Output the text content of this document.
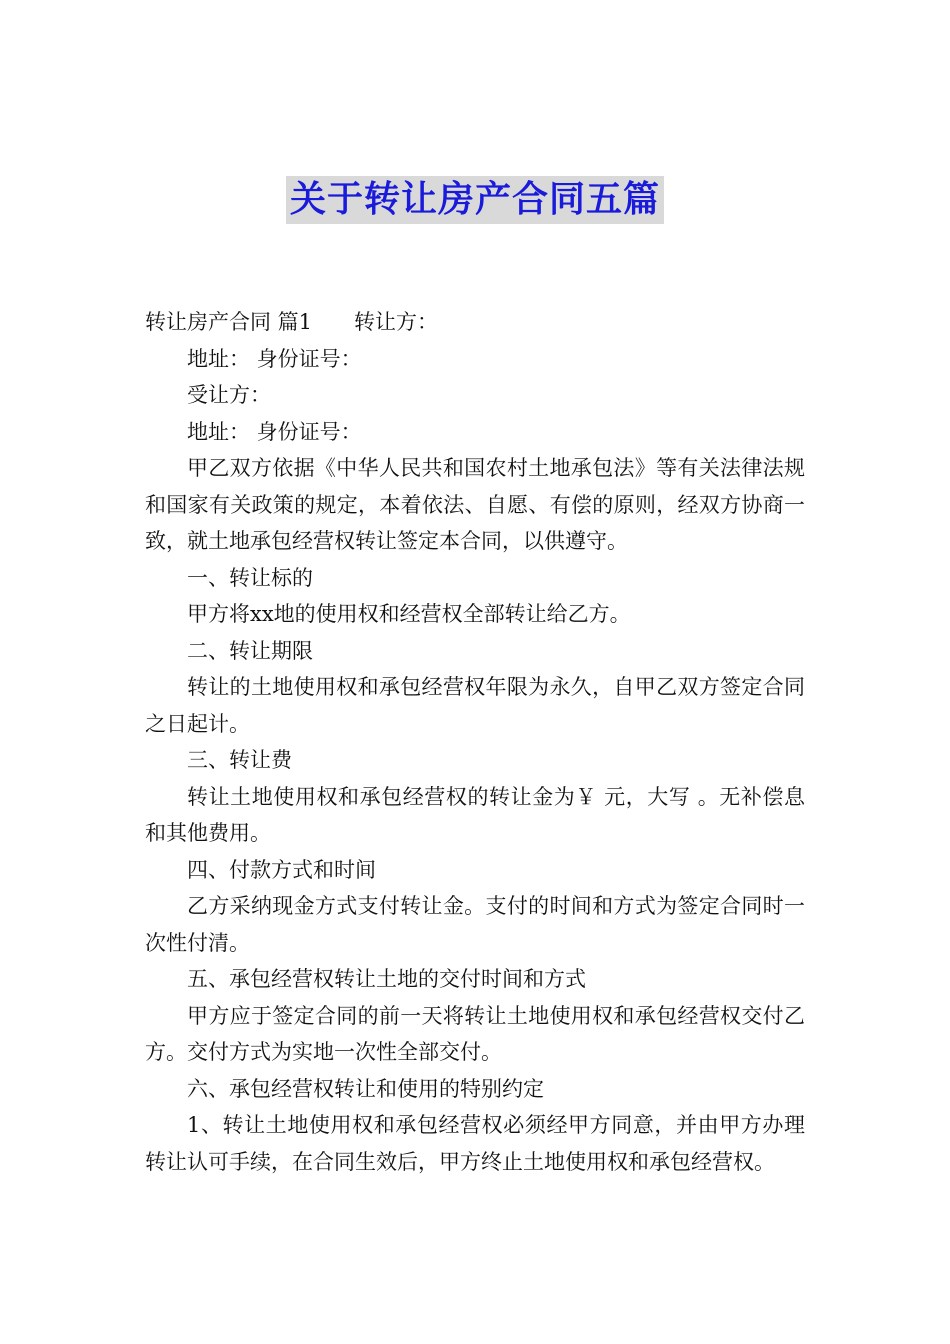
关于转让房产合同五篇
转让房产合同 篇1 转让方：

地址： 身份证号：

受让方：

地址： 身份证号：

甲乙双方依据《中华人民共和国农村土地承包法》等有关法律法规和国家有关政策的规定，本着依法、自愿、有偿的原则，经双方协商一致，就土地承包经营权转让签定本合同，以供遵守。

一、转让标的

甲方将xx地的使用权和经营权全部转让给乙方。

二、转让期限

转让的土地使用权和承包经营权年限为永久，自甲乙双方签定合同之日起计。

三、转让费

转让土地使用权和承包经营权的转让金为￥ 元，大写 。无补偿息和其他费用。

四、付款方式和时间

乙方采纳现金方式支付转让金。支付的时间和方式为签定合同时一次性付清。

五、承包经营权转让土地的交付时间和方式

甲方应于签定合同的前一天将转让土地使用权和承包经营权交付乙方。交付方式为实地一次性全部交付。

六、承包经营权转让和使用的特别约定

1、转让土地使用权和承包经营权必须经甲方同意，并由甲方办理转让认可手续，在合同生效后，甲方终止土地使用权和承包经营权。
